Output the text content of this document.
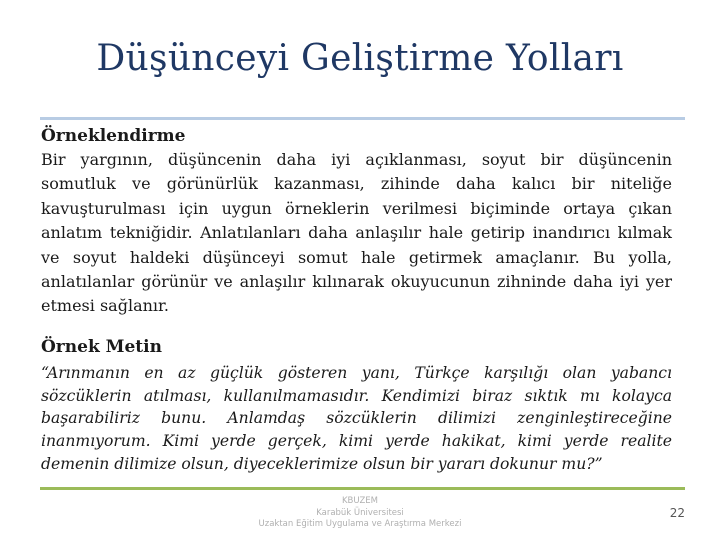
Düşünceyi Geliştirme Yolları

Örneklendirme

Bir yargının, düşüncenin daha iyi açıklanması, soyut bir düşüncenin somutluk ve görünürlük kazanması, zihinde daha kalıcı bir niteliğe kavuşturulması için uygun örneklerin verilmesi biçiminde ortaya çıkan anlatım tekniğidir. Anlatılanları daha anlaşılır hale getirip inandırıcı kılmak ve soyut haldeki düşünceyi somut hale getirmek amaçlanır. Bu yolla, anlatılanlar görünür ve anlaşılır kılınarak okuyucunun zihninde daha iyi yer etmesi sağlanır.

Örnek Metin

“Arınmanın en az güçlük gösteren yanı, Türkçe karşılığı olan yabancı sözcüklerin atılması, kullanılmamasıdır. Kendimizi biraz sıktık mı kolayca başarabiliriz bunu. Anlamdaş sözcüklerin dilimizi zenginleştireceğine inanmıyorum. Kimi yerde gerçek, kimi yerde hakikat, kimi yerde realite demenin dilimize olsun, diyeceklerimize olsun bir yararı dokunur mu?”

KBUZEM
Karabük Üniversitesi
Uzaktan Eğitim Uygulama ve Araştırma Merkezi
22
